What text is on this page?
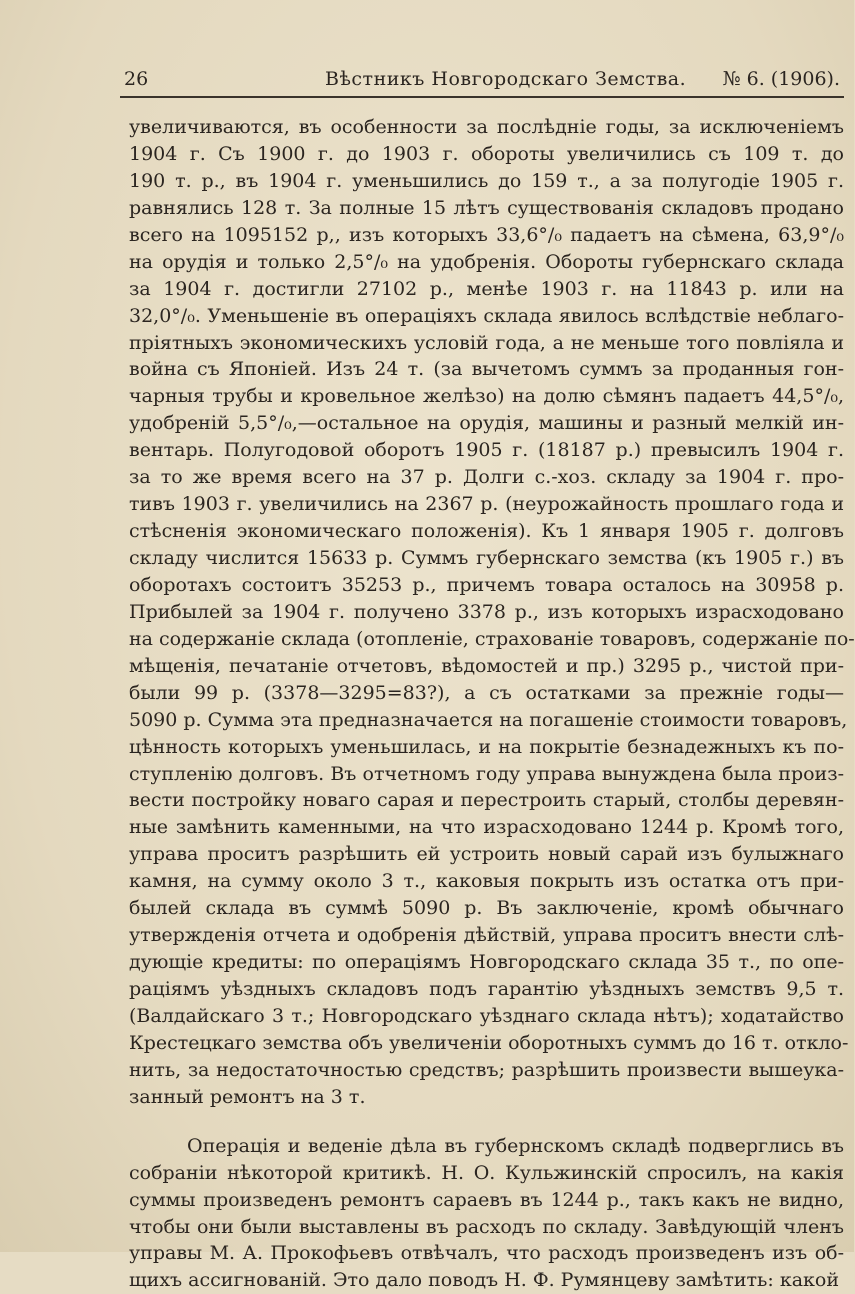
26	Вѣстникъ Новгородскаго Земства. № 6. (1906).
увеличиваются, въ особенности за послѣдніе годы, за исключеніемъ
1904 г. Съ 1900 г. до 1903 г. обороты увеличились съ 109 т. до
190 т. р., въ 1904 г. уменьшились до 159 т., а за полугодіе 1905 г.
равнялись 128 т. За полные 15 лѣтъ существованія складовъ продано
всего на 1095152 р,, изъ которыхъ 33,6°/₀ падаетъ на сѣмена, 63,9°/₀
на орудія и только 2,5°/₀ на удобренія. Обороты губернскаго склада
за 1904 г. достигли 27102 р., менѣе 1903 г. на 11843 р. или на
32,0°/₀. Уменьшеніе въ операціяхъ склада явилось вслѣдствіе неблаго-
пріятныхъ экономическихъ условій года, а не меньше того повліяла и
война съ Японіей. Изъ 24 т. (за вычетомъ суммъ за проданныя гон-
чарныя трубы и кровельное желѣзо) на долю сѣмянъ падаетъ 44,5°/₀,
удобреній 5,5°/₀,—остальное на орудія, машины и разный мелкій ин-
вентарь. Полугодовой оборотъ 1905 г. (18187 р.) превысилъ 1904 г.
за то же время всего на 37 р. Долги с.-хоз. складу за 1904 г. про-
тивъ 1903 г. увеличились на 2367 р. (неурожайность прошлаго года и
стѣсненія экономическаго положенія). Къ 1 января 1905 г. долговъ
складу числится 15633 р. Суммъ губернскаго земства (къ 1905 г.) въ
оборотахъ состоитъ 35253 р., причемъ товара осталось на 30958 р.
Прибылей за 1904 г. получено 3378 р., изъ которыхъ израсходовано
на содержаніе склада (отопленіе, страхованіе товаровъ, содержаніе по-
мѣщенія, печатаніе отчетовъ, вѣдомостей и пр.) 3295 р., чистой при-
были 99 р. (3378—3295=83?), а съ остатками за прежніе годы—
5090 р. Сумма эта предназначается на погашеніе стоимости товаровъ,
цѣнность которыхъ уменьшилась, и на покрытіе безнадежныхъ къ по-
ступленію долговъ. Въ отчетномъ году управа вынуждена была произ-
вести постройку новаго сарая и перестроить старый, столбы деревян-
ные замѣнить каменными, на что израсходовано 1244 р. Кромѣ того,
управа проситъ разрѣшить ей устроить новый сарай изъ булыжнаго
камня, на сумму около 3 т., каковыя покрыть изъ остатка отъ при-
былей склада въ суммѣ 5090 р. Въ заключеніе, кромѣ обычнаго
утвержденія отчета и одобренія дѣйствій, управа проситъ внести слѣ-
дующіе кредиты: по операціямъ Новгородскаго склада 35 т., по опе-
раціямъ уѣздныхъ складовъ подъ гарантію уѣздныхъ земствъ 9,5 т.
(Валдайскаго 3 т.; Новгородскаго уѣзднаго склада нѣтъ); ходатайство
Крестецкаго земства объ увеличеніи оборотныхъ суммъ до 16 т. откло-
нить, за недостаточностью средствъ; разрѣшить произвести вышеука-
занный ремонтъ на 3 т.
Операція и веденіе дѣла въ губернскомъ складѣ подверглись въ
собраніи нѣкоторой критикѣ. Н. О. Кульжинскій спросилъ, на какія
суммы произведенъ ремонтъ сараевъ въ 1244 р., такъ какъ не видно,
чтобы они были выставлены въ расходъ по складу. Завѣдующій членъ
управы М. А. Прокофьевъ отвѣчалъ, что расходъ произведенъ изъ об-
щихъ ассигнованій. Это дало поводъ Н. Ф. Румянцеву замѣтить: какой
